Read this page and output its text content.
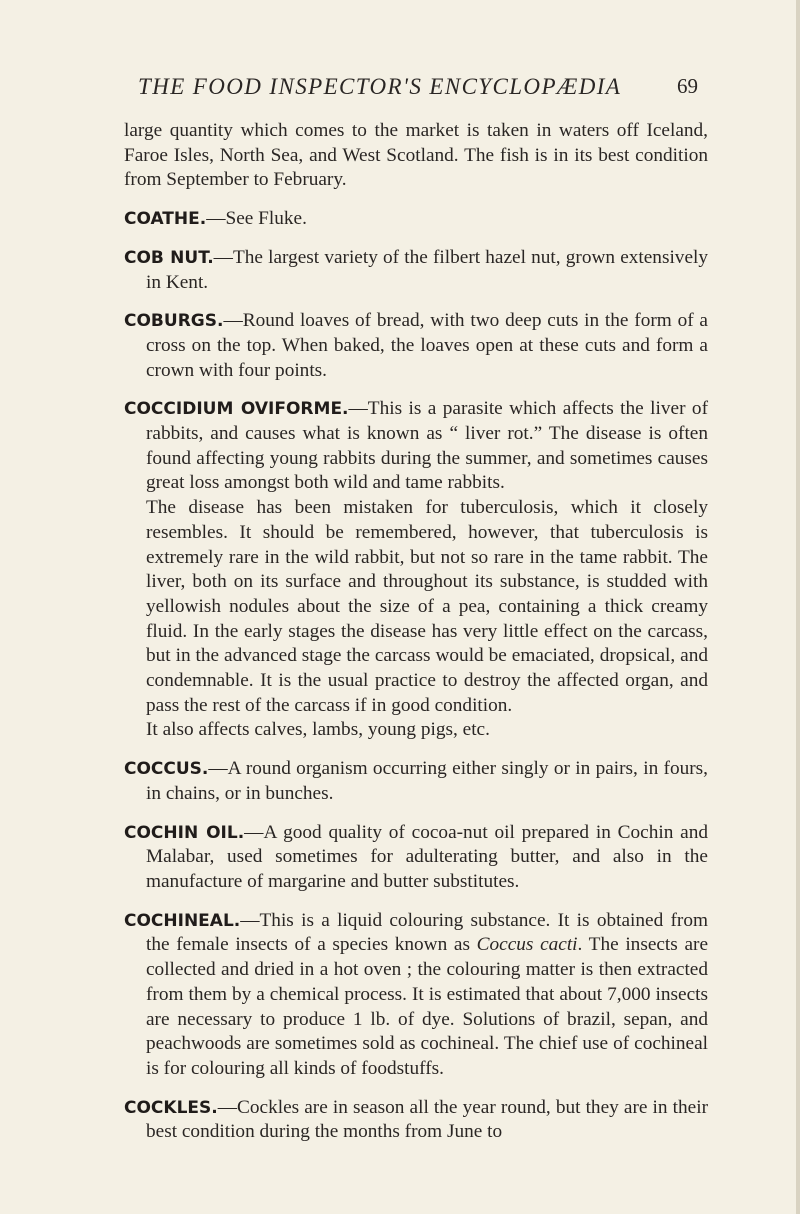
THE FOOD INSPECTOR'S ENCYCLOPÆDIA	69

large quantity which comes to the market is taken in waters off Iceland, Faroe Isles, North Sea, and West Scotland. The fish is in its best condition from September to February.

COATHE.—See Fluke.

COB NUT.—The largest variety of the filbert hazel nut, grown extensively in Kent.

COBURGS.—Round loaves of bread, with two deep cuts in the form of a cross on the top. When baked, the loaves open at these cuts and form a crown with four points.

COCCIDIUM OVIFORME.—This is a parasite which affects the liver of rabbits, and causes what is known as “ liver rot.” The disease is often found affecting young rabbits during the summer, and sometimes causes great loss amongst both wild and tame rabbits.

The disease has been mistaken for tuberculosis, which it closely resembles. It should be remembered, however, that tuberculosis is extremely rare in the wild rabbit, but not so rare in the tame rabbit. The liver, both on its surface and throughout its substance, is studded with yellowish nodules about the size of a pea, containing a thick creamy fluid. In the early stages the disease has very little effect on the carcass, but in the advanced stage the carcass would be emaciated, dropsical, and condemnable. It is the usual practice to destroy the affected organ, and pass the rest of the carcass if in good condition.

It also affects calves, lambs, young pigs, etc.

COCCUS.—A round organism occurring either singly or in pairs, in fours, in chains, or in bunches.

COCHIN OIL.—A good quality of cocoa-nut oil prepared in Cochin and Malabar, used sometimes for adulterating butter, and also in the manufacture of margarine and butter substitutes.

COCHINEAL.—This is a liquid colouring substance. It is obtained from the female insects of a species known as Coccus cacti. The insects are collected and dried in a hot oven ; the colouring matter is then extracted from them by a chemical process. It is estimated that about 7,000 insects are necessary to produce 1 lb. of dye. Solutions of brazil, sepan, and peachwoods are sometimes sold as cochineal. The chief use of cochineal is for colouring all kinds of foodstuffs.

COCKLES.—Cockles are in season all the year round, but they are in their best condition during the months from June to
